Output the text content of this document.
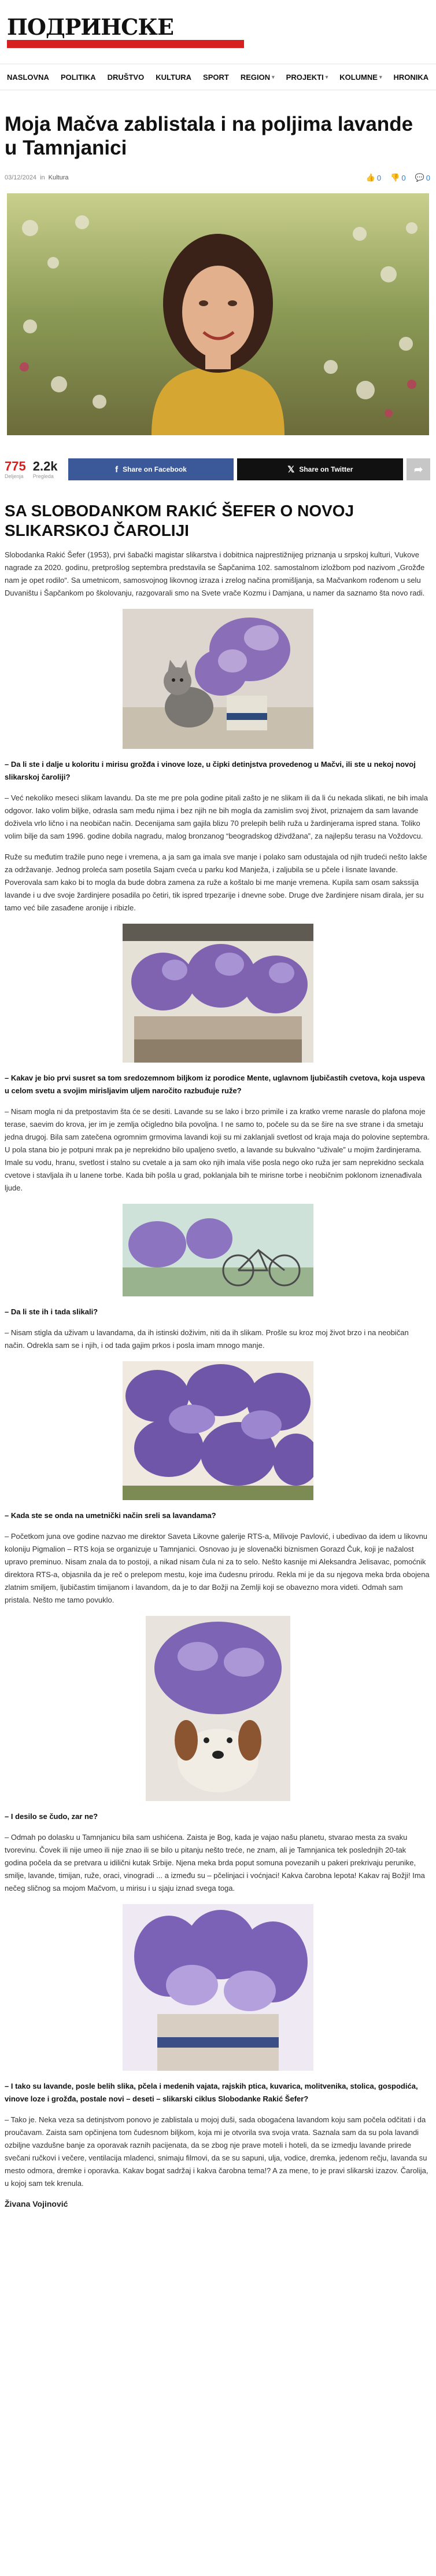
ПОДРИНСКЕ
NASLOVNA POLITIKA DRUŠTVO KULTURA SPORT REGION ▾ PROJEKTI ▾ KOLUMNE ▾ HRONIKA
Moja Mačva zablistala i na poljima lavande u Tamnjanici
03/12/2024 in Kultura	👍 0 👎 0 💬 0
775
Deljenja
2.2k
Pregleda
f Share on Facebook	𝕏 Share on Twitter	➦
SA SLOBODANKOM RAKIĆ ŠEFER O NOVOJ SLIKARSKOJ ČAROLIJI

Slobodanka Rakić Šefer (1953), prvi šabački magistar slikarstva i dobitnica najprestižnijeg priznanja u srpskoj kulturi, Vukove nagrade za 2020. godinu, pretprošlog septembra predstavila se Šapčanima 102. samostalnom izložbom pod nazivom „Grožđe nam je opet rodilo“. Sa umetnicom, samosvojnog likovnog izraza i zrelog načina promišljanja, sa Mačvankom rođenom u selu Duvaništu i Šapčankom po školovanju, razgovarali smo na Svete vrače Kozmu i Damjana, u namer da saznamo šta novo radi.

– Da li ste i dalje u koloritu i mirisu grožđa i vinove loze, u čipki detinjstva provedenog u Mačvi, ili ste u nekoj novoj slikarskoj čaroliji?

– Već nekoliko meseci slikam lavandu. Da ste me pre pola godine pitali zašto je ne slikam ili da li ću nekada slikati, ne bih imala odgovor. Iako volim biljke, odrasla sam među njima i bez njih ne bih mogla da zamislim svoj život, priznajem da sam lavande doživela vrlo lično i na neobičan način. Decenijama sam gajila blizu 70 prelepih belih ruža u žardinjerama ispred stana. Toliko volim bilje da sam 1996. godine dobila nagradu, malog bronzanog “beogradskog dživdžana”, za najlepšu terasu na Voždovcu.

Ruže su međutim tražile puno nege i vremena, a ja sam ga imala sve manje i polako sam odustajala od njih trudeći nešto lakše za održavanje. Jednog proleća sam posetila Sajam cveća u parku kod Manježa, i zaljubila se u pčele i lisnate lavande. Poverovala sam kako bi to mogla da bude dobra zamena za ruže a koštalo bi me manje vremena. Kupila sam osam sakssija lavande i u dve svoje žardinjere posadila po četiri, tik ispred trpezarije i dnevne sobe. Druge dve žardinjere nisam dirala, jer su tamo već bile zasađene aronije i ribizle.

– Kakav je bio prvi susret sa tom sredozemnom biljkom iz porodice Mente, uglavnom ljubičastih cvetova, koja uspeva u celom svetu a svojim mirisljavim uljem naročito razbuđuje ruže?

– Nisam mogla ni da pretpostavim šta će se desiti. Lavande su se lako i brzo primile i za kratko vreme narasle do plafona moje terase, saevim do krova, jer im je zemlja očigledno bila povoljna. I ne samo to, počele su da se šire na sve strane i da smetaju jedna drugoj. Bila sam zatečena ogromnim grmovima lavandi koji su mi zaklanjali svetlost od kraja maja do polovine septembra. U pola stana bio je potpuni mrak pa je neprekidno bilo upaljeno svetlo, a lavande su bukvalno “uživale” u mojim žardinjerama. Imale su vodu, hranu, svetlost i stalno su cvetale a ja sam oko njih imala više posla nego oko ruža jer sam neprekidno seckala cvetove i stavljala ih u lanene torbe. Kada bih pošla u grad, poklanjala bih te mirisne torbe i neobičnim poklonom iznenađivala ljude.

– Da li ste ih i tada slikali?

– Nisam stigla da uživam u lavandama, da ih istinski doživim, niti da ih slikam. Prošle su kroz moj život brzo i na neobičan način. Odrekla sam se i njih, i od tada gajim prkos i posla imam mnogo manje.

– Kada ste se onda na umetnički način sreli sa lavandama?

– Početkom juna ove godine nazvao me direktor Saveta Likovne galerije RTS-a, Milivoje Pavlović, i ubedivao da idem u likovnu koloniju Pigmalion – RTS koja se organizuje u Tamnjanici. Osnovao ju je slovenački biznismen Gorazd Čuk, koji je nažalost upravo preminuo. Nisam znala da to postoji, a nikad nisam čula ni za to selo. Nešto kasnije mi Aleksandra Jelisavac, pomoćnik direktora RTS-a, objasnila da je reč o prelepom mestu, koje ima čudesnu prirodu. Rekla mi je da su njegova meka brda obojena zlatnim smiljem, ljubičastim timijanom i lavandom, da je to dar Božji na Zemlji koji se obavezno mora videti. Odmah sam pristala. Nešto me tamo povuklo.

– I desilo se čudo, zar ne?

– Odmah po dolasku u Tamnjanicu bila sam ushićena. Zaista je Bog, kada je vajao našu planetu, stvarao mesta za svaku tvorevinu. Čovek ili nije umeo ili nije znao ili se bilo u pitanju nešto treće, ne znam, ali je Tamnjanica tek poslednjih 20-tak godina počela da se pretvara u idilični kutak Srbije. Njena meka brda poput somuna povezanih u pakeri prekrivaju perunike, smilje, lavande, timijan, ruže, oraci, vinogradi ... a između su – pčelinjaci i voćnjaci! Kakva čarobna lepota! Kakav raj Božji! Ima nečeg sličnog sa mojom Mačvom, u mirisu i u sjaju iznad svega toga.

– I tako su lavande, posle belih slika, pčela i medenih vajata, rajskih ptica, kuvarica, molitvenika, stolica, gospodića, vinove loze i grožđa, postale novi – deseti – slikarski ciklus Slobodanke Rakić Šefer?

– Tako je. Neka veza sa detinjstvom ponovo je zablistala u mojoj duši, sada obogaćena lavandom koju sam počela odčitati i da proučavam. Zaista sam opčinjena tom čudesnom biljkom, koja mi je otvorila sva svoja vrata. Saznala sam da su pola lavandi ozbiljne vazdušne banje za oporavak raznih pacijenata, da se zbog nje prave moteli i hoteli, da se izmedju lavande prirede svečani ručkovi i večere, ventilacija mladenci, snimaju filmovi, da se su sapuni, ulja, vodice, dremka, jedenom rečju, lavanda su mesto odmora, dremke i oporavka. Kakav bogat sadržaj i kakva čarobna tema!? A za mene, to je pravi slikarski izazov. Čarolija, u kojoj sam tek krenula.

Živana Vojinović
